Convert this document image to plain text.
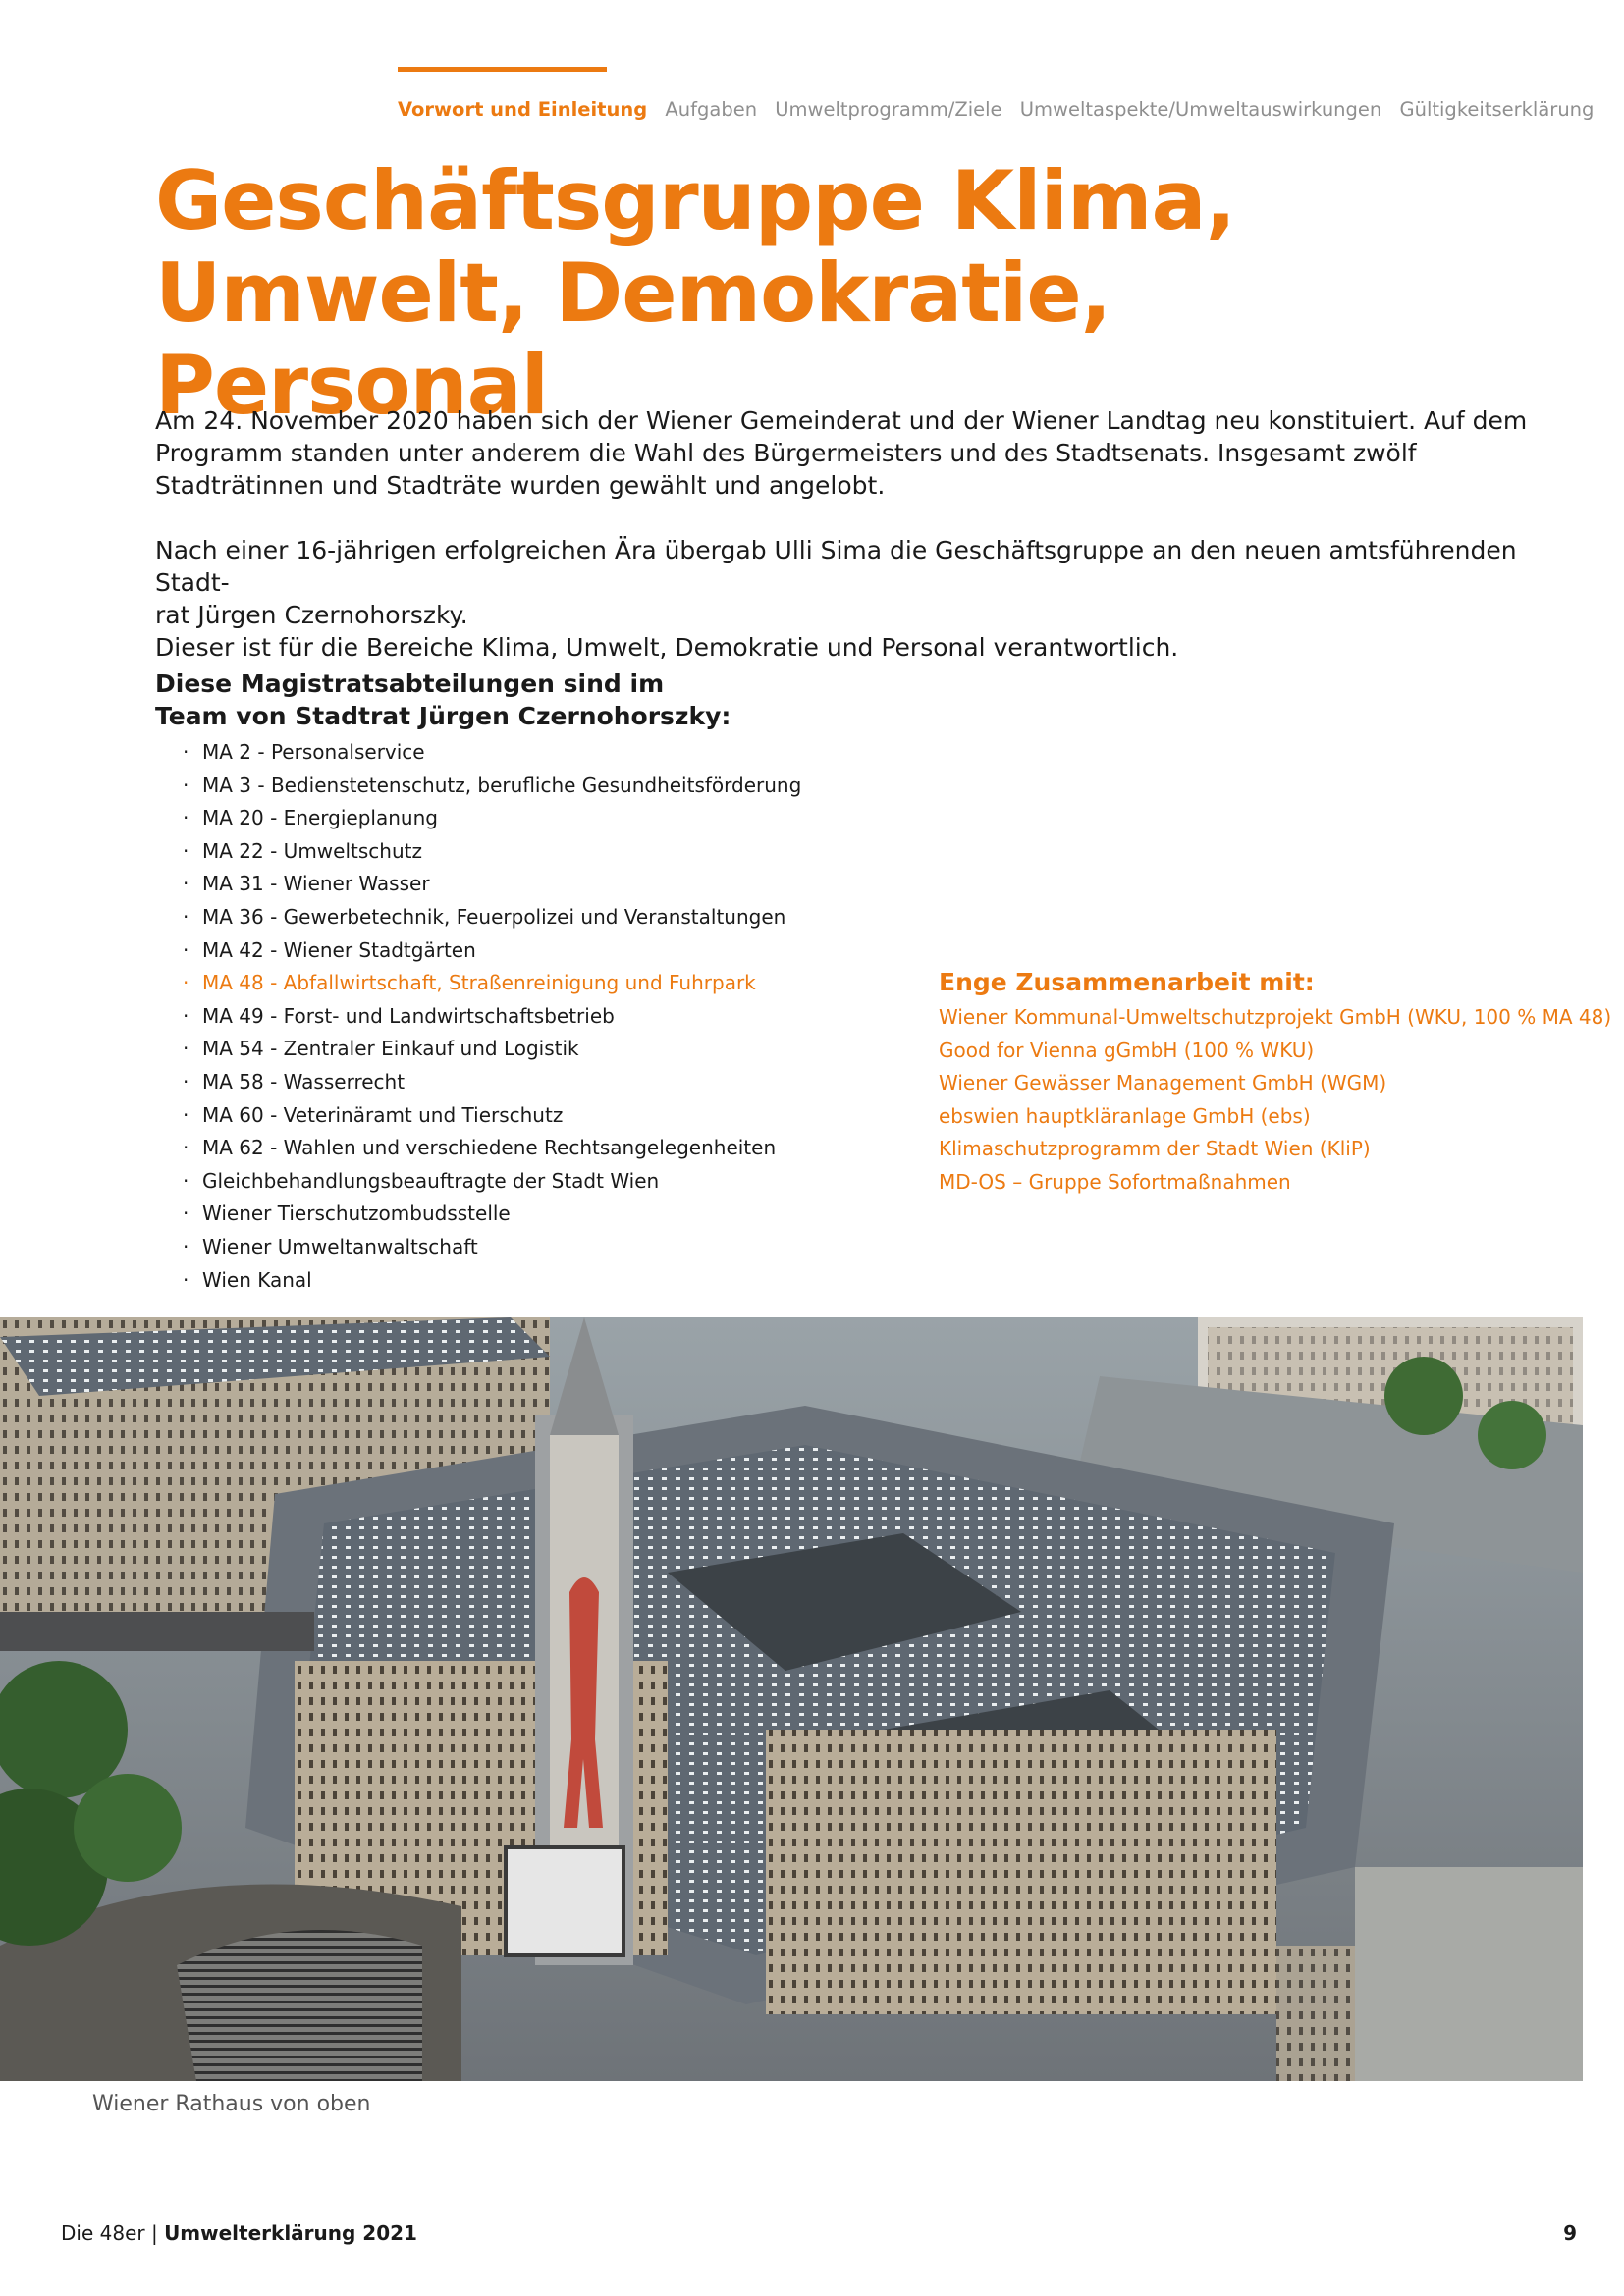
Vorwort und Einleitung Aufgaben Umweltprogramm/Ziele Umweltaspekte/Umweltauswirkungen Gültigkeitserklärung
Geschäftsgruppe Klima,
Umwelt, Demokratie, Personal

Am 24. November 2020 haben sich der Wiener Gemeinderat und der Wiener Landtag neu konstituiert. Auf dem Programm standen unter anderem die Wahl des Bürgermeisters und des Stadtsenats. Insgesamt zwölf Stadträtinnen und Stadträte wurden gewählt und angelobt.

Nach einer 16-jährigen erfolgreichen Ära übergab Ulli Sima die Geschäftsgruppe an den neuen amtsführenden Stadt-
rat Jürgen Czernohorszky.
Dieser ist für die Bereiche Klima, Umwelt, Demokratie und Personal verantwortlich.

Diese Magistratsabteilungen sind im
Team von Stadtrat Jürgen Czernohorszky:
· MA 2 - Personalservice
· MA 3 - Bedienstetenschutz, berufliche Gesundheitsförderung
· MA 20 - Energieplanung
· MA 22 - Umweltschutz
· MA 31 - Wiener Wasser
· MA 36 - Gewerbetechnik, Feuerpolizei und Veranstaltungen
· MA 42 - Wiener Stadtgärten
· MA 48 - Abfallwirtschaft, Straßenreinigung und Fuhrpark
· MA 49 - Forst- und Landwirtschaftsbetrieb
· MA 54 - Zentraler Einkauf und Logistik
· MA 58 - Wasserrecht
· MA 60 - Veterinäramt und Tierschutz
· MA 62 - Wahlen und verschiedene Rechtsangelegenheiten
· Gleichbehandlungsbeauftragte der Stadt Wien
· Wiener Tierschutzombudsstelle
· Wiener Umweltanwaltschaft
· Wien Kanal
Enge Zusammenarbeit mit:
Wiener Kommunal-Umweltschutzprojekt GmbH (WKU, 100 % MA 48)
Good for Vienna gGmbH (100 % WKU)
Wiener Gewässer Management GmbH (WGM)
ebswien hauptkläranlage GmbH (ebs)
Klimaschutzprogramm der Stadt Wien (KliP)
MD-OS – Gruppe Sofortmaßnahmen
Wiener Rathaus von oben
Die 48er | Umwelterklärung 2021	9
